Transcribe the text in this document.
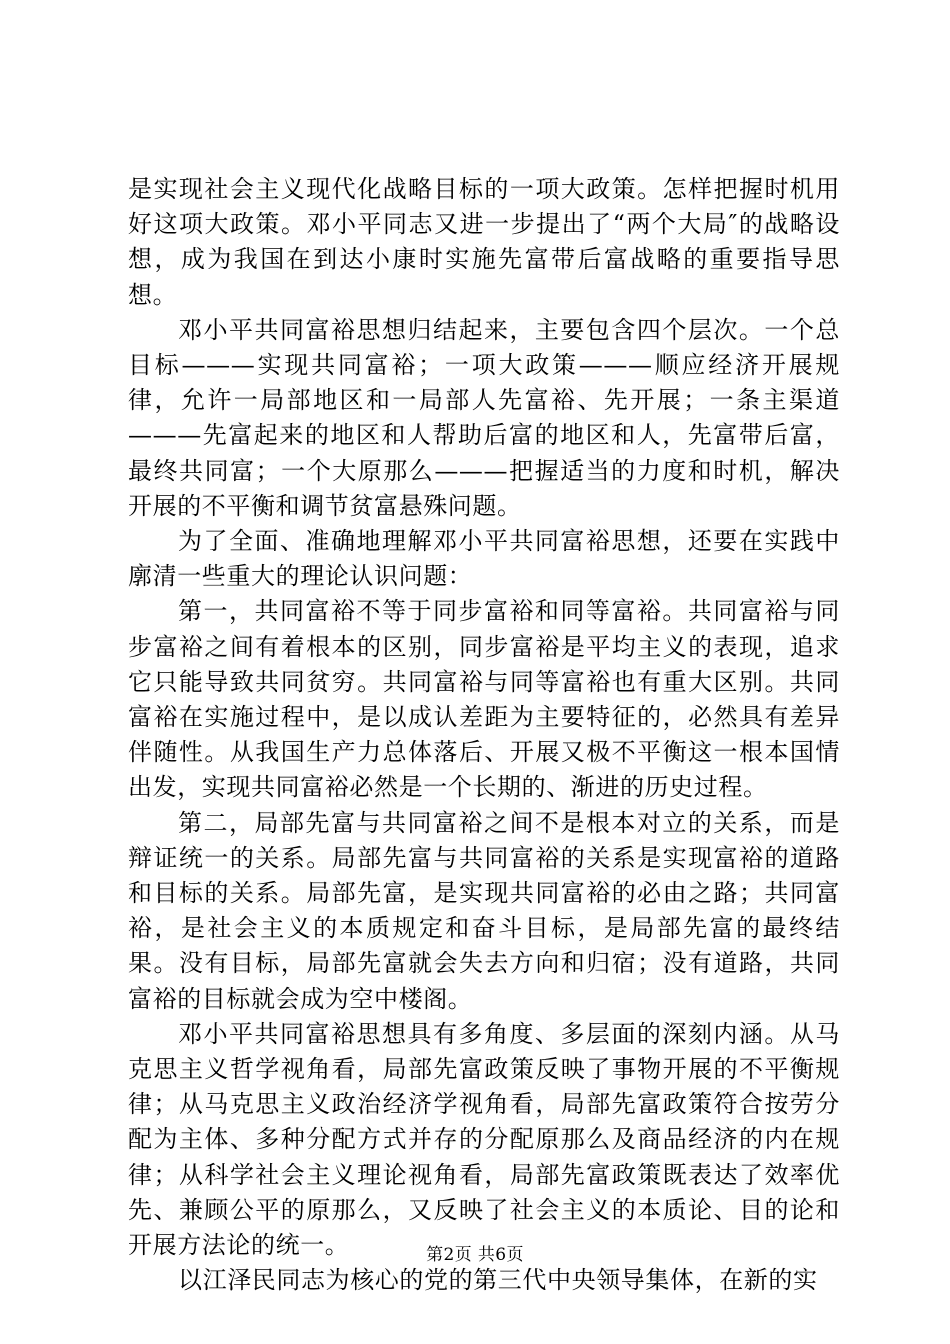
是实现社会主义现代化战略目标的一项大政策。怎样把握时机用好这项大政策。邓小平同志又进一步提出了“两个大局″的战略设想，成为我国在到达小康时实施先富带后富战略的重要指导思想。

邓小平共同富裕思想归结起来，主要包含四个层次。一个总目标———实现共同富裕；一项大政策———顺应经济开展规律，允许一局部地区和一局部人先富裕、先开展；一条主渠道———先富起来的地区和人帮助后富的地区和人，先富带后富，最终共同富；一个大原那么———把握适当的力度和时机，解决开展的不平衡和调节贫富悬殊问题。

为了全面、准确地理解邓小平共同富裕思想，还要在实践中廓清一些重大的理论认识问题：

第一，共同富裕不等于同步富裕和同等富裕。共同富裕与同步富裕之间有着根本的区别，同步富裕是平均主义的表现，追求它只能导致共同贫穷。共同富裕与同等富裕也有重大区别。共同富裕在实施过程中，是以成认差距为主要特征的，必然具有差异伴随性。从我国生产力总体落后、开展又极不平衡这一根本国情出发，实现共同富裕必然是一个长期的、渐进的历史过程。

第二，局部先富与共同富裕之间不是根本对立的关系，而是辩证统一的关系。局部先富与共同富裕的关系是实现富裕的道路和目标的关系。局部先富，是实现共同富裕的必由之路；共同富裕，是社会主义的本质规定和奋斗目标，是局部先富的最终结果。没有目标，局部先富就会失去方向和归宿；没有道路，共同富裕的目标就会成为空中楼阁。

邓小平共同富裕思想具有多角度、多层面的深刻内涵。从马克思主义哲学视角看，局部先富政策反映了事物开展的不平衡规律；从马克思主义政治经济学视角看，局部先富政策符合按劳分配为主体、多种分配方式并存的分配原那么及商品经济的内在规律；从科学社会主义理论视角看，局部先富政策既表达了效率优先、兼顾公平的原那么，又反映了社会主义的本质论、目的论和开展方法论的统一。

以江泽民同志为核心的党的第三代中央领导集体，在新的实

第2页 共6页
